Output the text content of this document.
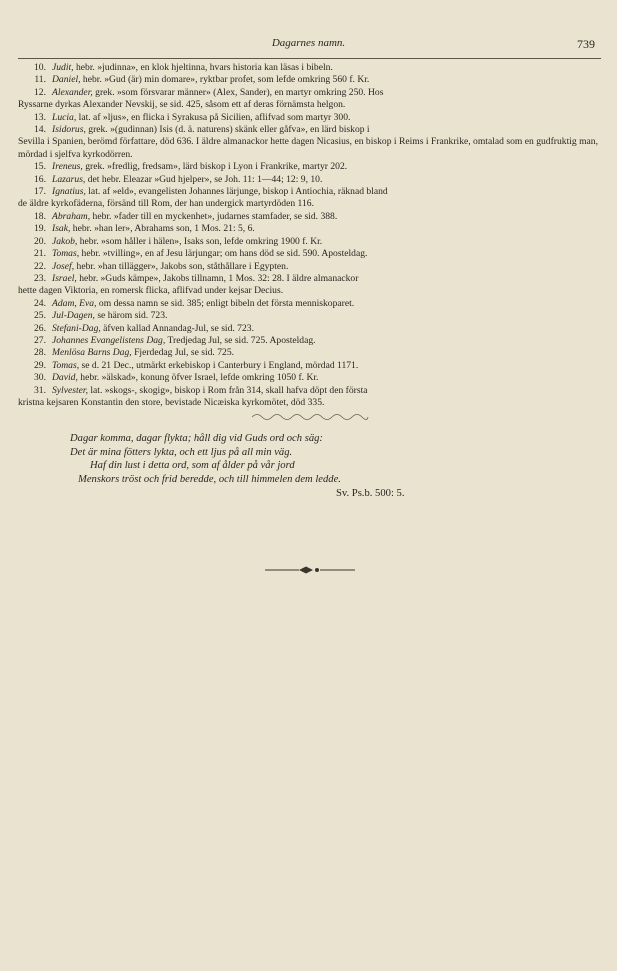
Dagarnes namn.	739
10. Judit, hebr. »judinna», en klok hjeltinna, hvars historia kan läsas i bibeln.
11. Daniel, hebr. »Gud (är) min domare», ryktbar profet, som lefde omkring 560 f. Kr.
12. Alexander, grek. »som försvarar männer» (Alex, Sander), en martyr omkring 250. Hos
Ryssarne dyrkas Alexander Nevskij, se sid. 425, såsom ett af deras förnämsta helgon.
13. Lucia, lat. af »ljus», en flicka i Syrakusa på Sicilien, aflifvad som martyr 300.
14. Isidorus, grek. »(gudinnan) Isis (d. ä. naturens) skänk eller gåfva», en lärd biskop i
Sevilla i Spanien, berömd författare, död 636. I äldre almanackor hette dagen Nicasius, en biskop i Reims i Frankrike, omtalad som en gudfruktig man, mördad i sjelfva kyrkodörren.
15. Ireneus, grek. »fredlig, fredsam», lärd biskop i Lyon i Frankrike, martyr 202.
16. Lazarus, det hebr. Eleazar »Gud hjelper», se Joh. 11: 1—44; 12: 9, 10.
17. Ignatius, lat. af »eld», evangelisten Johannes lärjunge, biskop i Antiochia, räknad bland
de äldre kyrkofäderna, försänd till Rom, der han undergick martyrdöden 116.
18. Abraham, hebr. »fader till en myckenhet», judarnes stamfader, se sid. 388.
19. Isak, hebr. »han ler», Abrahams son, 1 Mos. 21: 5, 6.
20. Jakob, hebr. »som håller i hälen», Isaks son, lefde omkring 1900 f. Kr.
21. Tomas, hebr. »tvilling», en af Jesu lärjungar; om hans död se sid. 590. Aposteldag.
22. Josef, hebr. »han tillägger», Jakobs son, ståthållare i Egypten.
23. Israel, hebr. »Guds kämpe», Jakobs tillnamn, 1 Mos. 32: 28. I äldre almanackor
hette dagen Viktoria, en romersk flicka, aflifvad under kejsar Decius.
24. Adam, Eva, om dessa namn se sid. 385; enligt bibeln det första menniskoparet.
25. Jul-Dagen, se härom sid. 723.
26. Stefani-Dag, äfven kallad Annandag-Jul, se sid. 723.
27. Johannes Evangelistens Dag, Tredjedag Jul, se sid. 725. Aposteldag.
28. Menlösa Barns Dag, Fjerdedag Jul, se sid. 725.
29. Tomas, se d. 21 Dec., utmärkt erkebiskop i Canterbury i England, mördad 1171.
30. David, hebr. »älskad», konung öfver Israel, lefde omkring 1050 f. Kr.
31. Sylvester, lat. »skogs-, skogig», biskop i Rom från 314, skall hafva döpt den första
kristna kejsaren Konstantin den store, bevistade Nicæiska kyrkomötet, död 335.
Dagar komma, dagar flykta; håll dig vid Guds ord och säg:
Det är mina fötters lykta, och ett ljus på all min väg.
Haf din lust i detta ord, som af ålder på vår jord
Menskors tröst och frid beredde, och till himmelen dem ledde.
Sv. Ps.b. 500: 5.
